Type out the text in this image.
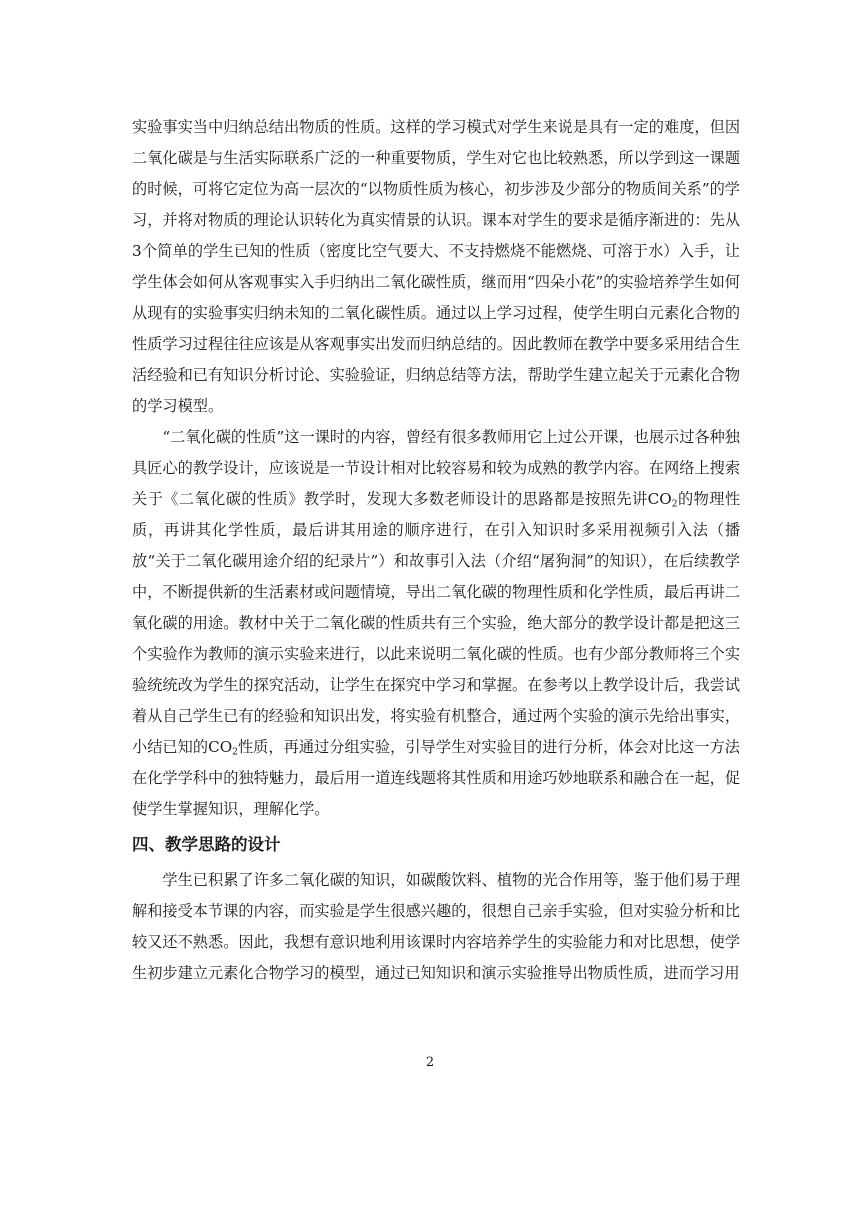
实验事实当中归纳总结出物质的性质。这样的学习模式对学生来说是具有一定的难度，但因二氧化碳是与生活实际联系广泛的一种重要物质，学生对它也比较熟悉，所以学到这一课题的时候，可将它定位为高一层次的“以物质性质为核心，初步涉及少部分的物质间关系”的学习，并将对物质的理论认识转化为真实情景的认识。课本对学生的要求是循序渐进的：先从3个简单的学生已知的性质（密度比空气要大、不支持燃烧不能燃烧、可溶于水）入手，让学生体会如何从客观事实入手归纳出二氧化碳性质，继而用“四朵小花”的实验培养学生如何从现有的实验事实归纳未知的二氧化碳性质。通过以上学习过程，使学生明白元素化合物的性质学习过程往往应该是从客观事实出发而归纳总结的。因此教师在教学中要多采用结合生活经验和已有知识分析讨论、实验验证，归纳总结等方法，帮助学生建立起关于元素化合物的学习模型。

“二氧化碳的性质”这一课时的内容，曾经有很多教师用它上过公开课，也展示过各种独具匠心的教学设计，应该说是一节设计相对比较容易和较为成熟的教学内容。在网络上搜索关于《二氧化碳的性质》教学时，发现大多数老师设计的思路都是按照先讲$CO_2$的物理性质，再讲其化学性质，最后讲其用途的顺序进行，在引入知识时多采用视频引入法（播放“关于二氧化碳用途介绍的纪录片”）和故事引入法（介绍“屠狗洞”的知识），在后续教学中，不断提供新的生活素材或问题情境，导出二氧化碳的物理性质和化学性质，最后再讲二氧化碳的用途。教材中关于二氧化碳的性质共有三个实验，绝大部分的教学设计都是把这三个实验作为教师的演示实验来进行，以此来说明二氧化碳的性质。也有少部分教师将三个实验统统改为学生的探究活动，让学生在探究中学习和掌握。在参考以上教学设计后，我尝试着从自己学生已有的经验和知识出发，将实验有机整合，通过两个实验的演示先给出事实，小结已知的$CO_2$性质，再通过分组实验，引导学生对实验目的进行分析，体会对比这一方法在化学学科中的独特魅力，最后用一道连线题将其性质和用途巧妙地联系和融合在一起，促使学生掌握知识，理解化学。

四、教学思路的设计

学生已积累了许多二氧化碳的知识，如碳酸饮料、植物的光合作用等，鉴于他们易于理解和接受本节课的内容，而实验是学生很感兴趣的，很想自己亲手实验，但对实验分析和比较又还不熟悉。因此，我想有意识地利用该课时内容培养学生的实验能力和对比思想，使学生初步建立元素化合物学习的模型，通过已知知识和演示实验推导出物质性质，进而学习用

2
